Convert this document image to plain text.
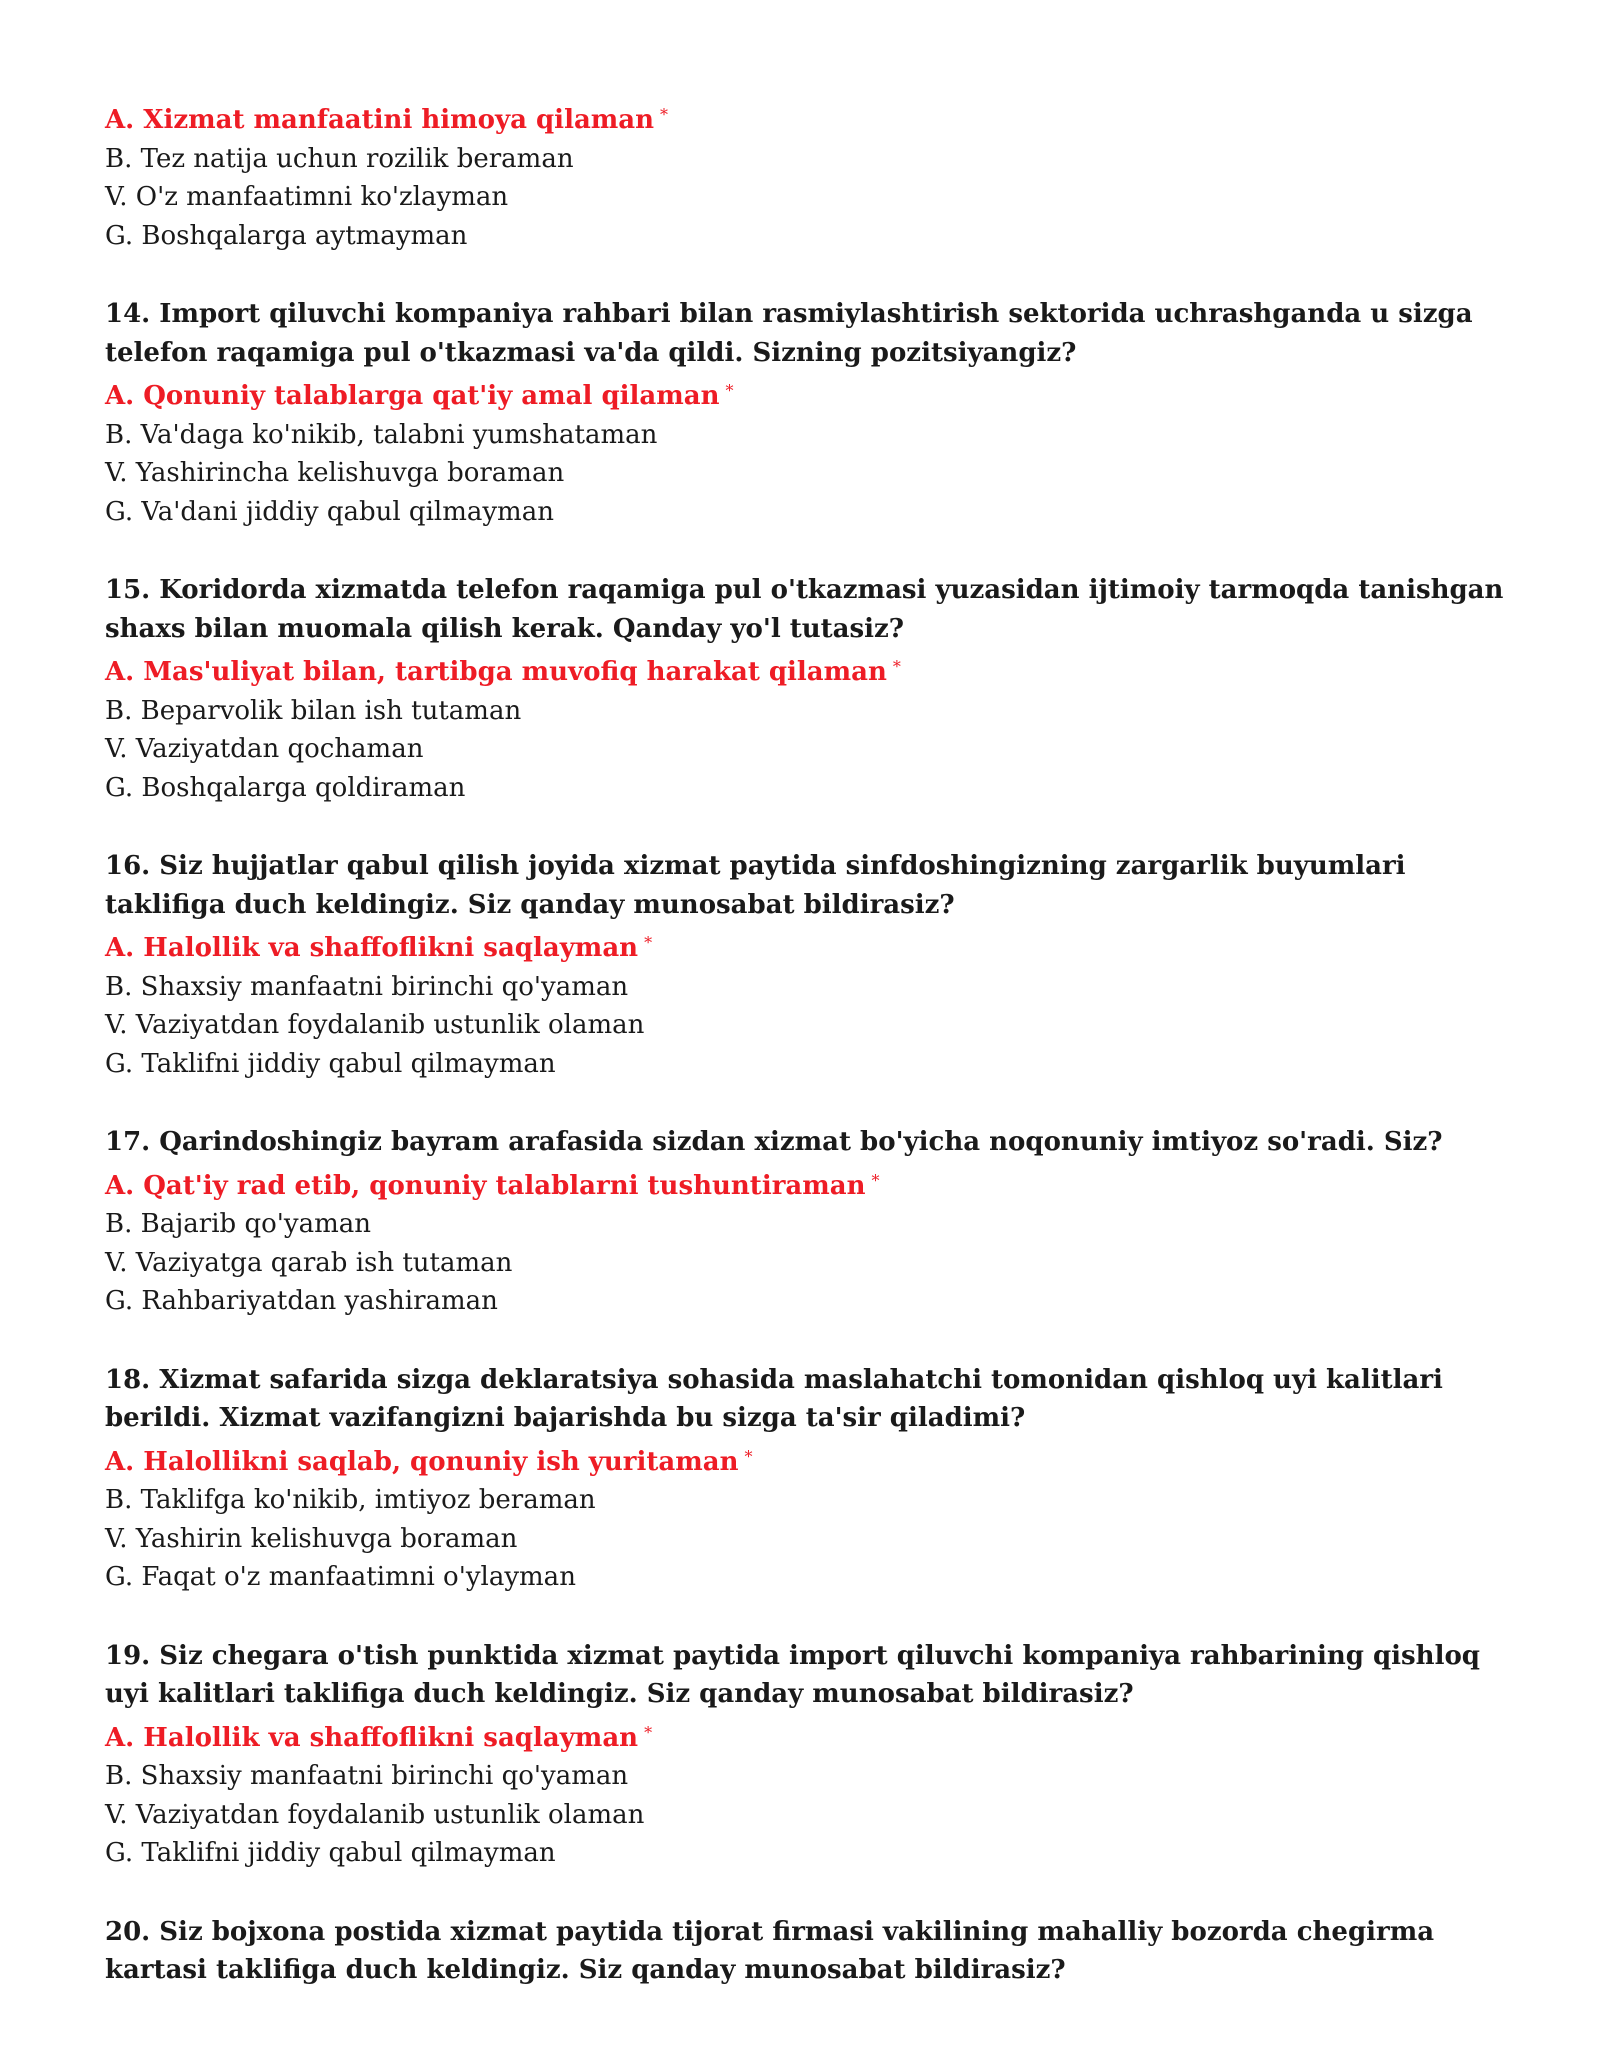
A. Xizmat manfaatini himoya qilaman *
B. Tez natija uchun rozilik beraman
V. O'z manfaatimni ko'zlayman
G. Boshqalarga aytmayman
14. Import qiluvchi kompaniya rahbari bilan rasmiylashtirish sektorida uchrashganda u sizga telefon raqamiga pul o'tkazmasi va'da qildi. Sizning pozitsiyangiz?
A. Qonuniy talablarga qat'iy amal qilaman *
B. Va'daga ko'nikib, talabni yumshataman
V. Yashirincha kelishuvga boraman
G. Va'dani jiddiy qabul qilmayman
15. Koridorda xizmatda telefon raqamiga pul o'tkazmasi yuzasidan ijtimoiy tarmoqda tanishgan shaxs bilan muomala qilish kerak. Qanday yo'l tutasiz?
A. Mas'uliyat bilan, tartibga muvofiq harakat qilaman *
B. Beparvolik bilan ish tutaman
V. Vaziyatdan qochaman
G. Boshqalarga qoldiraman
16. Siz hujjatlar qabul qilish joyida xizmat paytida sinfdoshingizning zargarlik buyumlari taklifiga duch keldingiz. Siz qanday munosabat bildirasiz?
A. Halollik va shaffoflikni saqlayman *
B. Shaxsiy manfaatni birinchi qo'yaman
V. Vaziyatdan foydalanib ustunlik olaman
G. Taklifni jiddiy qabul qilmayman
17. Qarindoshingiz bayram arafasida sizdan xizmat bo'yicha noqonuniy imtiyoz so'radi. Siz?
A. Qat'iy rad etib, qonuniy talablarni tushuntiraman *
B. Bajarib qo'yaman
V. Vaziyatga qarab ish tutaman
G. Rahbariyatdan yashiraman
18. Xizmat safarida sizga deklaratsiya sohasida maslahatchi tomonidan qishloq uyi kalitlari berildi. Xizmat vazifangizni bajarishda bu sizga ta'sir qiladimi?
A. Halollikni saqlab, qonuniy ish yuritaman *
B. Taklifga ko'nikib, imtiyoz beraman
V. Yashirin kelishuvga boraman
G. Faqat o'z manfaatimni o'ylayman
19. Siz chegara o'tish punktida xizmat paytida import qiluvchi kompaniya rahbarining qishloq uyi kalitlari taklifiga duch keldingiz. Siz qanday munosabat bildirasiz?
A. Halollik va shaffoflikni saqlayman *
B. Shaxsiy manfaatni birinchi qo'yaman
V. Vaziyatdan foydalanib ustunlik olaman
G. Taklifni jiddiy qabul qilmayman
20. Siz bojxona postida xizmat paytida tijorat firmasi vakilining mahalliy bozorda chegirma kartasi taklifiga duch keldingiz. Siz qanday munosabat bildirasiz?
